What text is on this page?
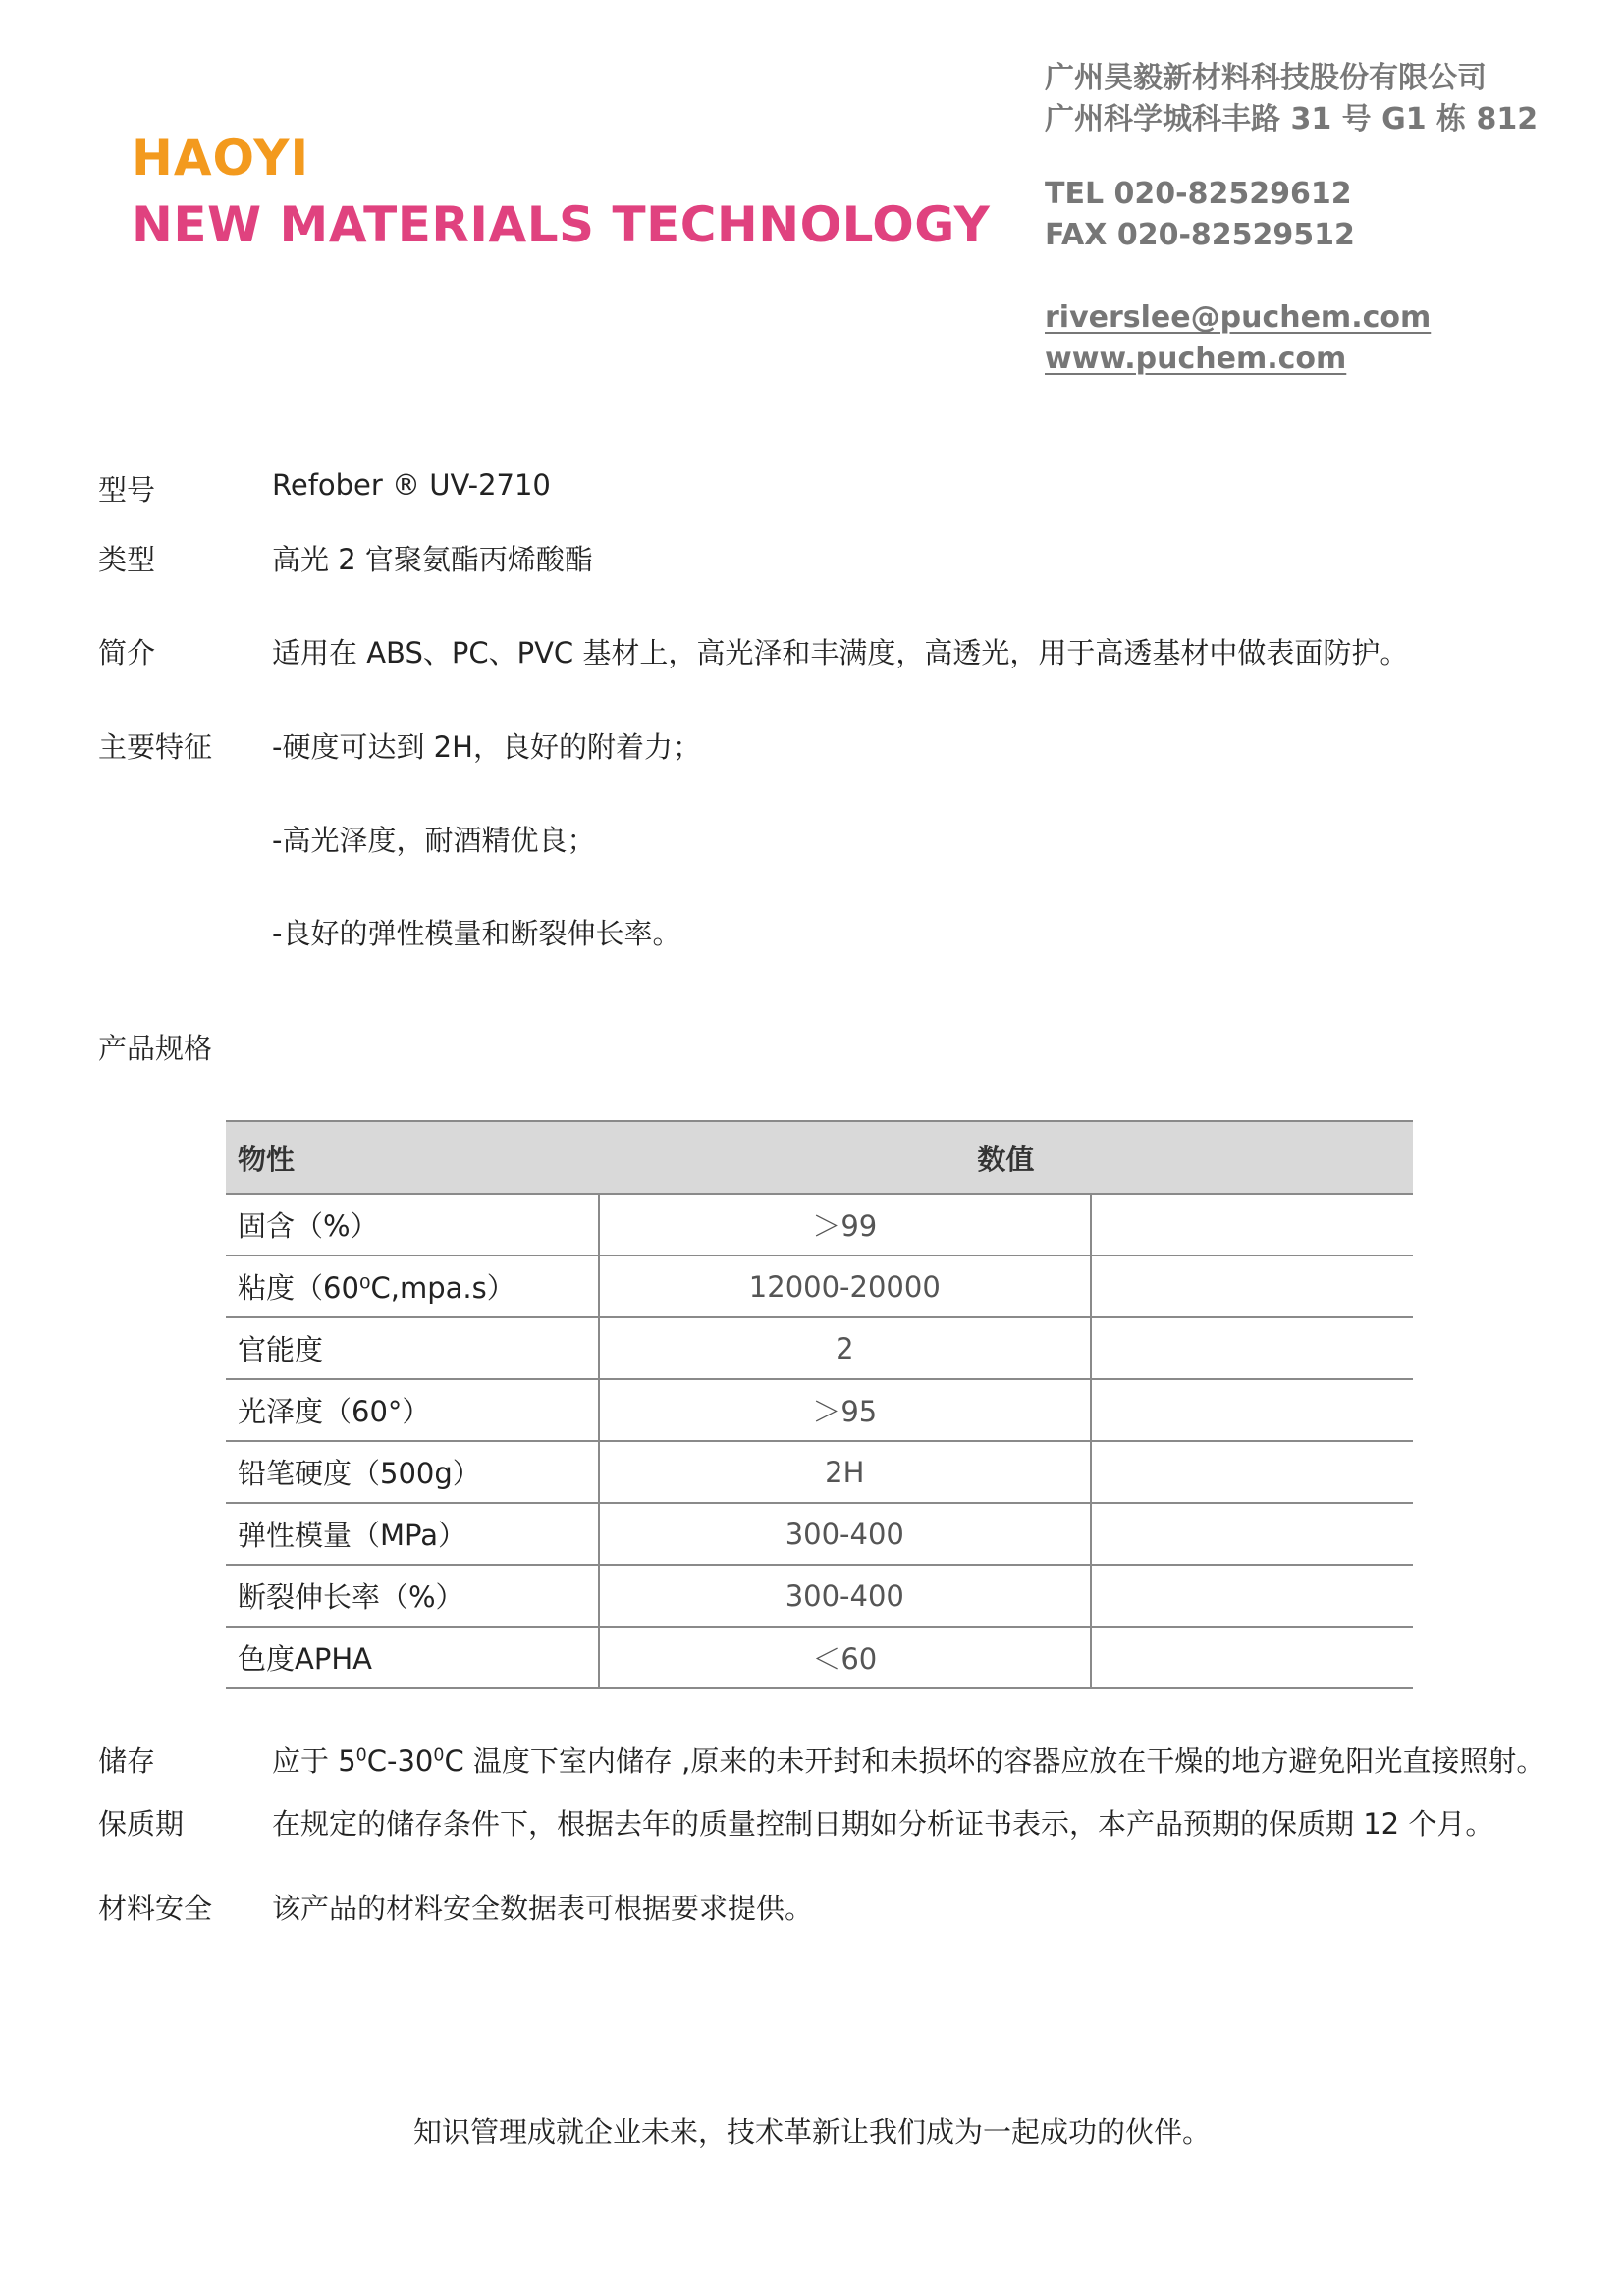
HAOYI
NEW MATERIALS TECHNOLOGY
广州昊毅新材料科技股份有限公司
广州科学城科丰路 31 号 G1 栋 812
TEL 020-82529612
FAX 020-82529512
riverslee@puchem.com
www.puchem.com
型号	Refober ® UV-2710
类型	高光 2 官聚氨酯丙烯酸酯
简介	适用在 ABS、PC、PVC 基材上，高光泽和丰满度，高透光，用于高透基材中做表面防护。
主要特征 -硬度可达到 2H，良好的附着力；
-高光泽度，耐酒精优良；
-良好的弹性模量和断裂伸长率。
产品规格
物性	数值	
固含（%）	＞99	
粘度（60⁰C,mpa.s）	12000-20000	
官能度	2	
光泽度（60°）	＞95	
铅笔硬度（500g）	2H	
弹性模量（MPa）	300-400	
断裂伸长率（%）	300-400	
色度APHA	＜60	
储存	应于 $5^0C-30^0C$ 温度下室内储存 ,原来的未开封和未损坏的容器应放在干燥的地方避免阳光直接照射。
保质期	在规定的储存条件下，根据去年的质量控制日期如分析证书表示，本产品预期的保质期 12 个月。
材料安全 该产品的材料安全数据表可根据要求提供。
知识管理成就企业未来，技术革新让我们成为一起成功的伙伴。
